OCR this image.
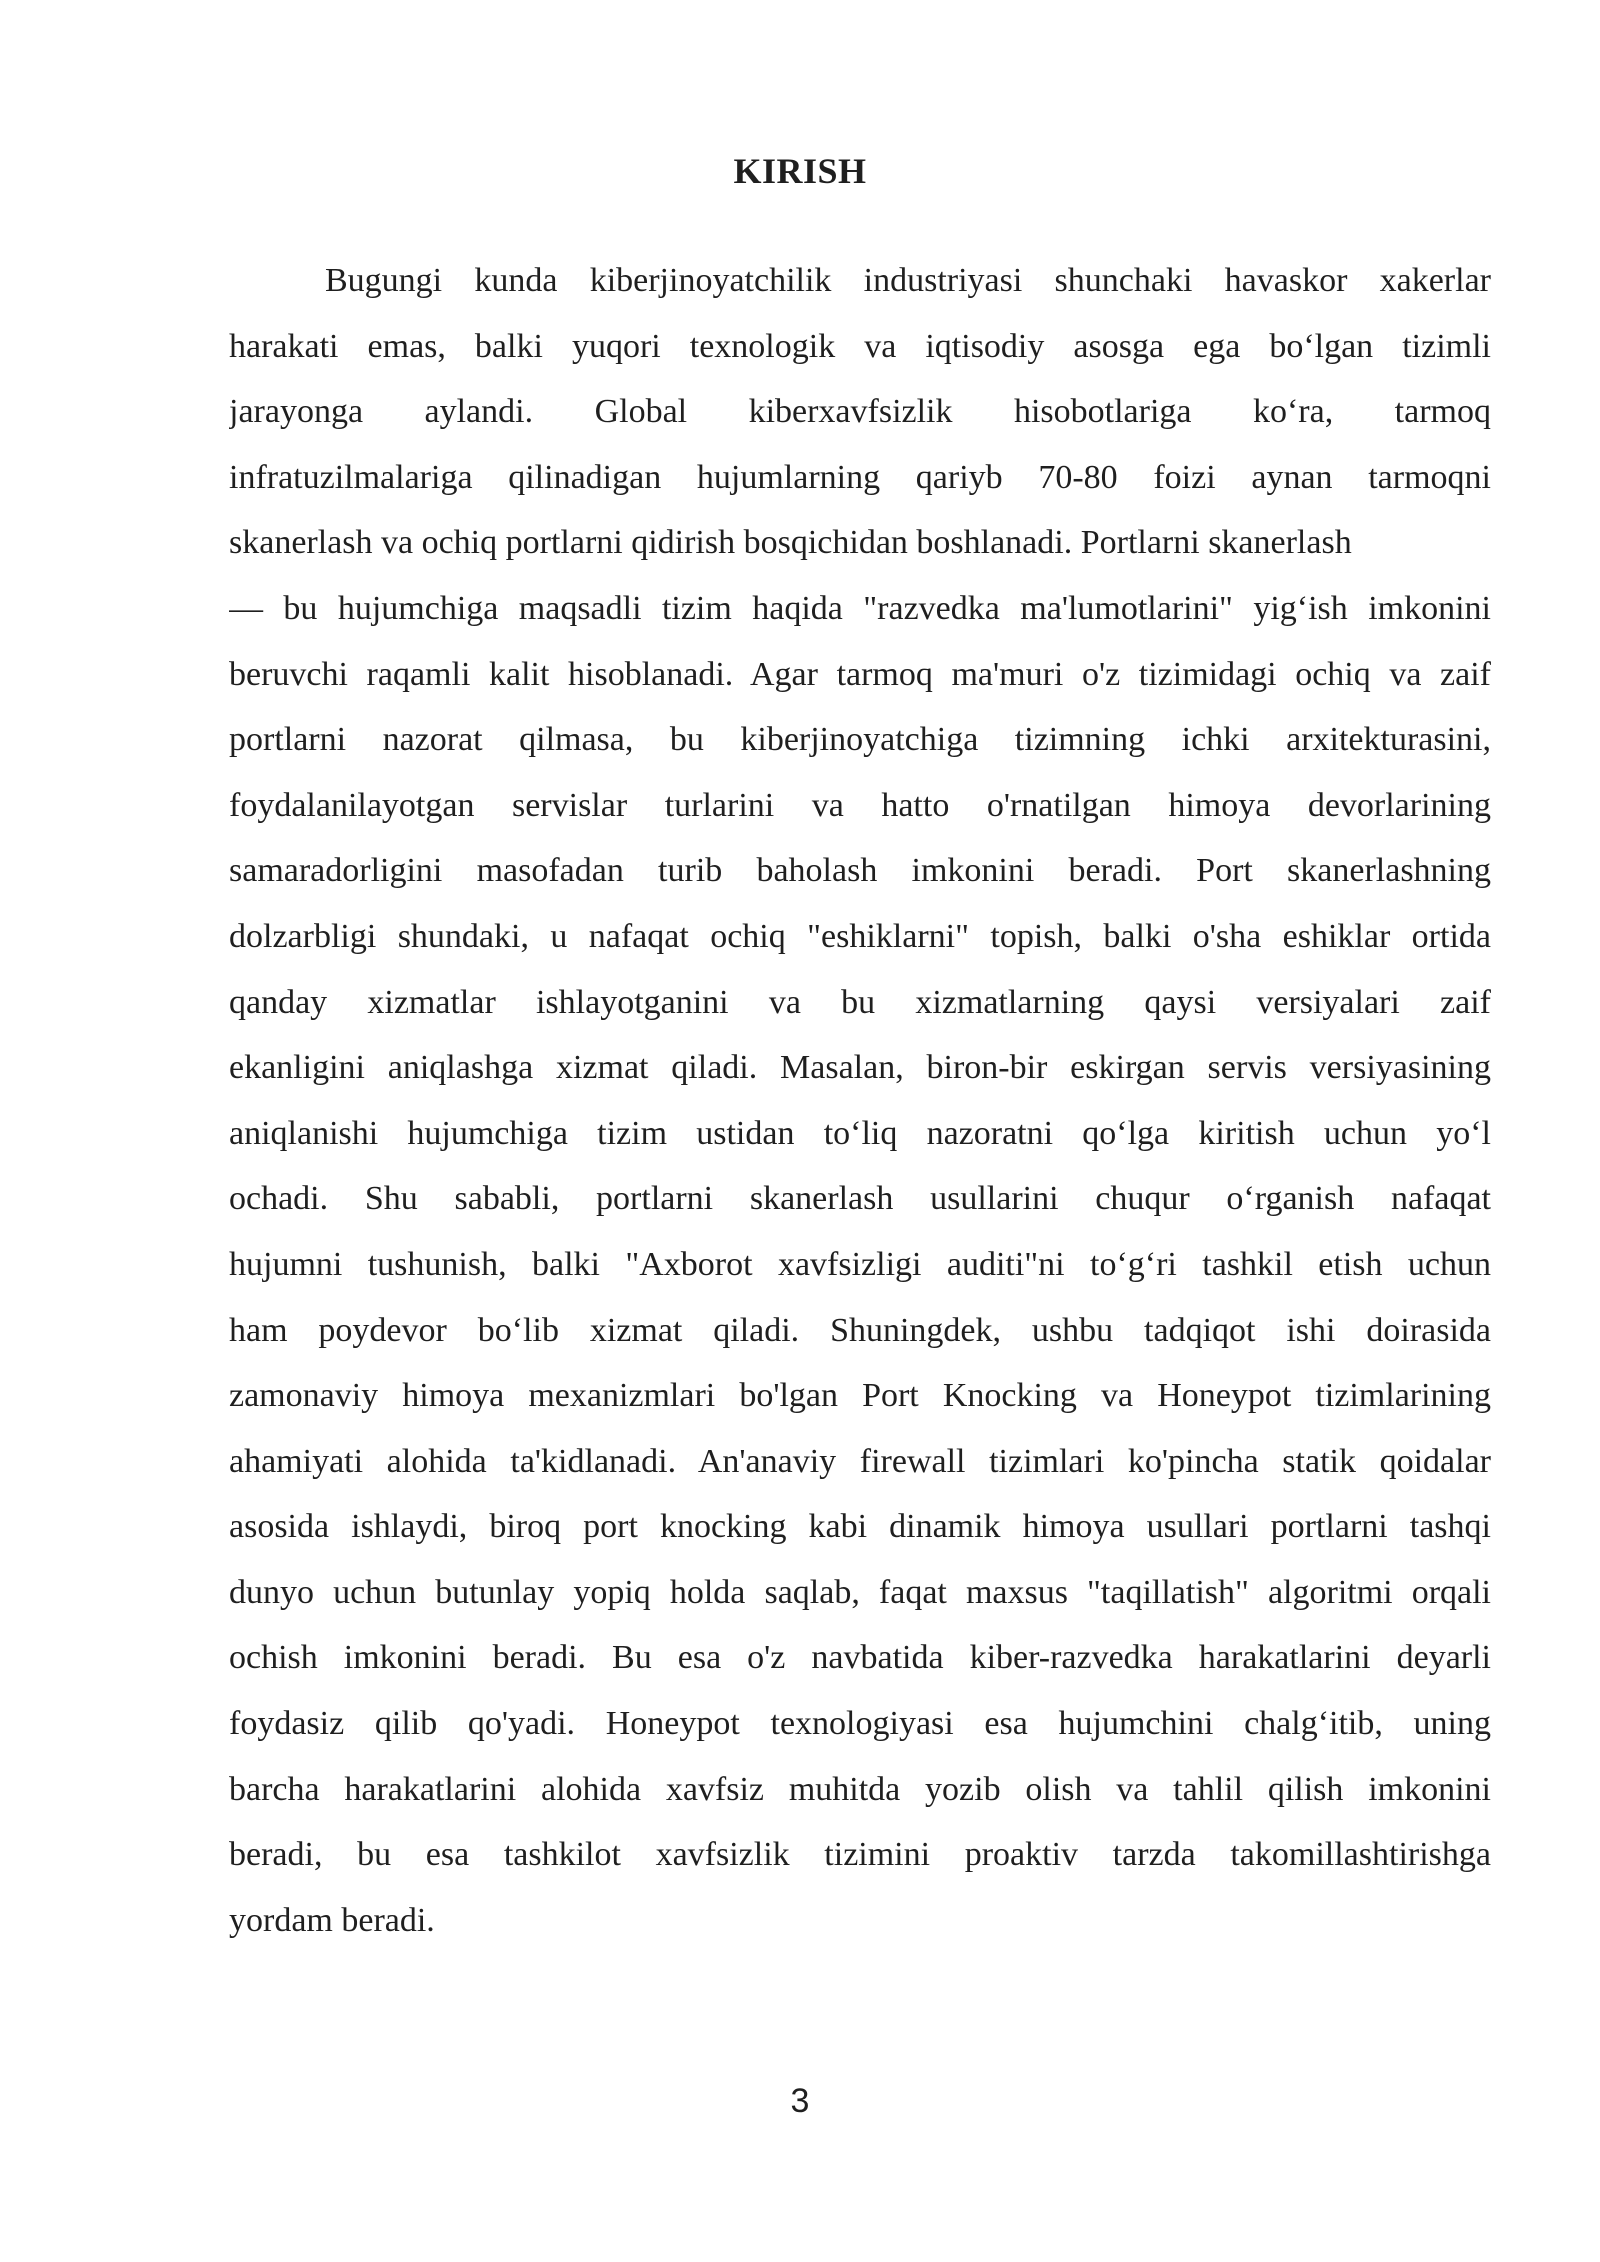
KIRISH
Bugungi kunda kiberjinoyatchilik industriyasi shunchaki havaskor xakerlar
harakati emas, balki yuqori texnologik va iqtisodiy asosga ega bo‘lgan tizimli
jarayonga aylandi. Global kiberxavfsizlik hisobotlariga ko‘ra, tarmoq
infratuzilmalariga qilinadigan hujumlarning qariyb 70-80 foizi aynan tarmoqni
skanerlash va ochiq portlarni qidirish bosqichidan boshlanadi. Portlarni skanerlash
— bu hujumchiga maqsadli tizim haqida "razvedka ma'lumotlarini" yig‘ish imkonini
beruvchi raqamli kalit hisoblanadi. Agar tarmoq ma'muri o'z tizimidagi ochiq va zaif
portlarni nazorat qilmasa, bu kiberjinoyatchiga tizimning ichki arxitekturasini,
foydalanilayotgan servislar turlarini va hatto o'rnatilgan himoya devorlarining
samaradorligini masofadan turib baholash imkonini beradi. Port skanerlashning
dolzarbligi shundaki, u nafaqat ochiq "eshiklarni" topish, balki o'sha eshiklar ortida
qanday xizmatlar ishlayotganini va bu xizmatlarning qaysi versiyalari zaif
ekanligini aniqlashga xizmat qiladi. Masalan, biron-bir eskirgan servis versiyasining
aniqlanishi hujumchiga tizim ustidan to‘liq nazoratni qo‘lga kiritish uchun yo‘l
ochadi. Shu sababli, portlarni skanerlash usullarini chuqur o‘rganish nafaqat
hujumni tushunish, balki "Axborot xavfsizligi auditi"ni to‘g‘ri tashkil etish uchun
ham poydevor bo‘lib xizmat qiladi. Shuningdek, ushbu tadqiqot ishi doirasida
zamonaviy himoya mexanizmlari bo'lgan Port Knocking va Honeypot tizimlarining
ahamiyati alohida ta'kidlanadi. An'anaviy firewall tizimlari ko'pincha statik qoidalar
asosida ishlaydi, biroq port knocking kabi dinamik himoya usullari portlarni tashqi
dunyo uchun butunlay yopiq holda saqlab, faqat maxsus "taqillatish" algoritmi orqali
ochish imkonini beradi. Bu esa o'z navbatida kiber-razvedka harakatlarini deyarli
foydasiz qilib qo'yadi. Honeypot texnologiyasi esa hujumchini chalg‘itib, uning
barcha harakatlarini alohida xavfsiz muhitda yozib olish va tahlil qilish imkonini
beradi, bu esa tashkilot xavfsizlik tizimini proaktiv tarzda takomillashtirishga
yordam beradi.
3
